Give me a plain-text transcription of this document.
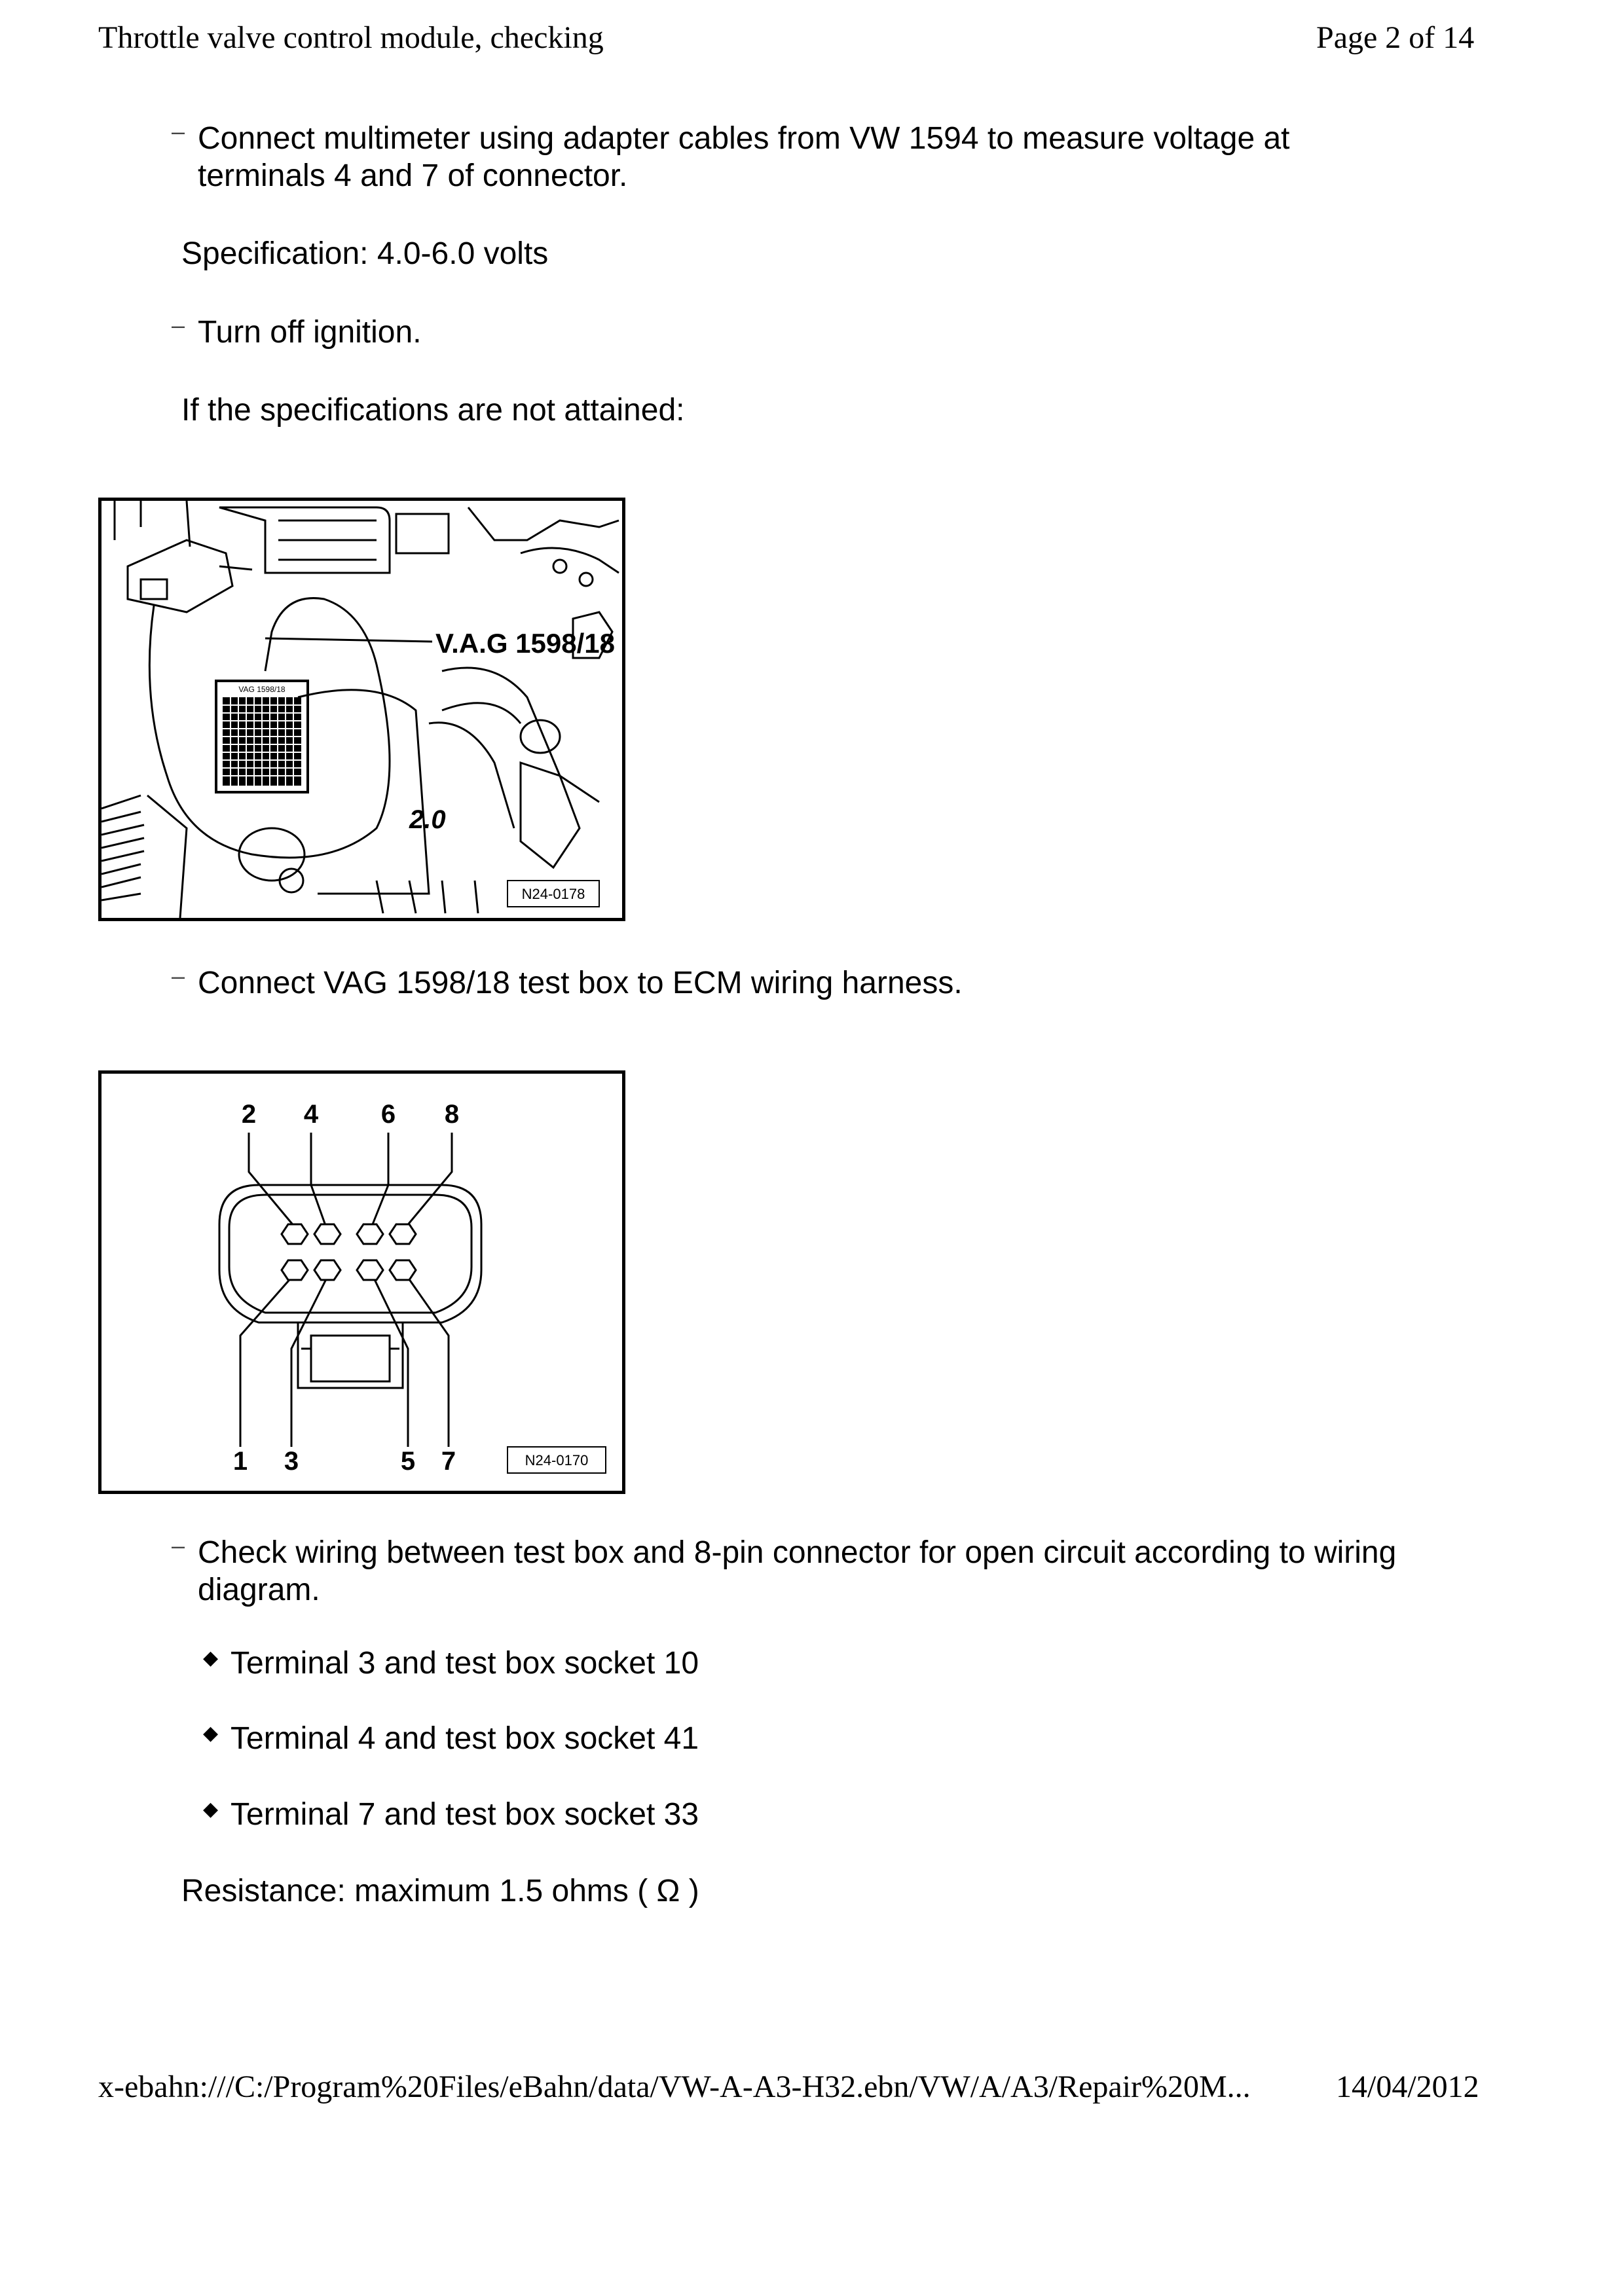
Throttle valve control module, checking	Page 2 of 14
– Connect multimeter using adapter cables from VW 1594 to measure voltage at
terminals 4 and 7 of connector.
Specification: 4.0-6.0 volts
– Turn off ignition.
If the specifications are not attained:
VAG 1598/18
V.A.G 1598/18
2.0
N24-0178
– Connect VAG 1598/18 test box to ECM wiring harness.
2 4 6 8
1 3	5 7	N24-0170
– Check wiring between test box and 8-pin connector for open circuit according to wiring
diagram.
◆ Terminal 3 and test box socket 10
◆ Terminal 4 and test box socket 41
◆ Terminal 7 and test box socket 33
Resistance: maximum 1.5 ohms ( Ω )
x-ebahn:///C:/Program%20Files/eBahn/data/VW-A-A3-H32.ebn/VW/A/A3/Repair%20M...	14/04/2012
